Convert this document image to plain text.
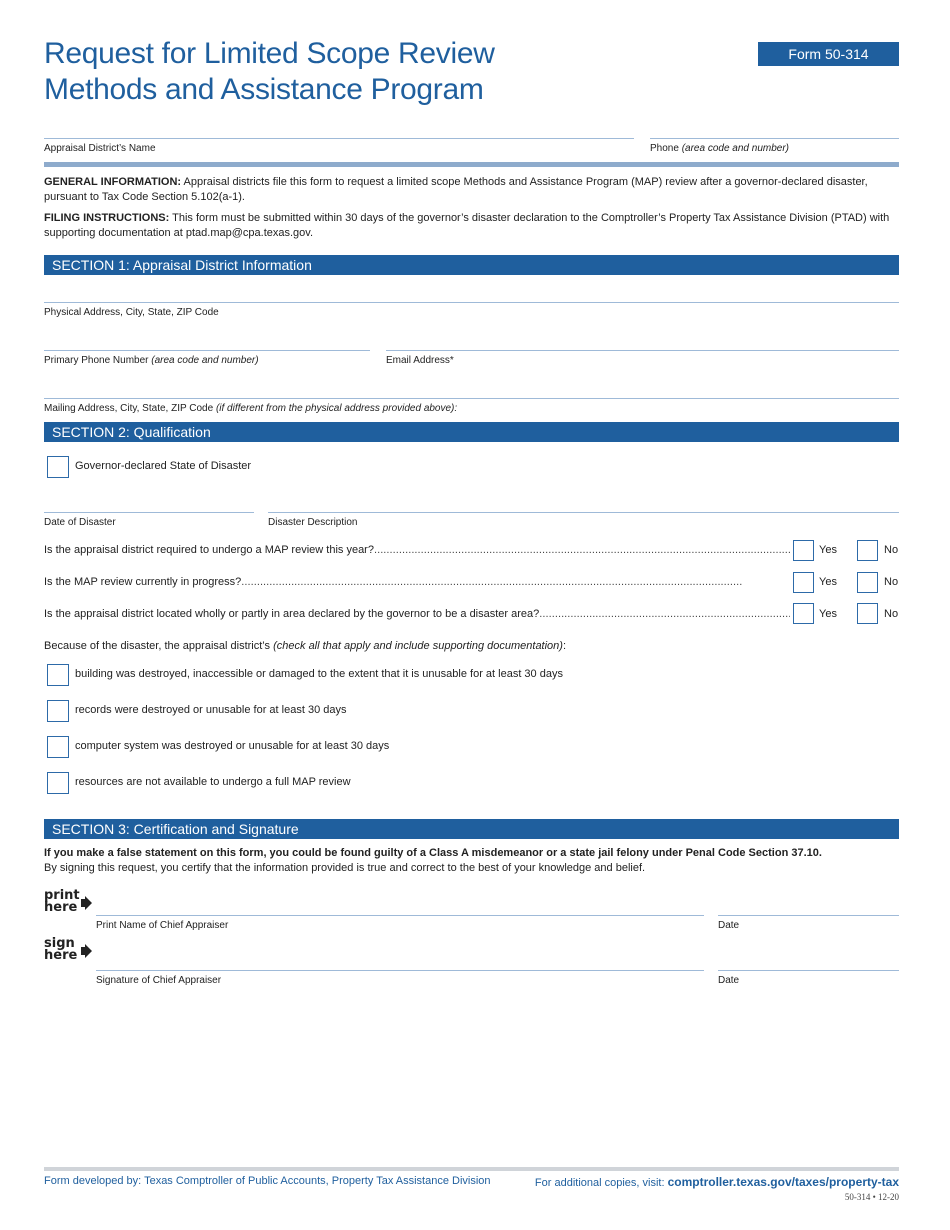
Request for Limited Scope Review
Methods and Assistance Program
Form 50-314
Appraisal District’s Name	Phone (area code and number)
GENERAL INFORMATION: Appraisal districts file this form to request a limited scope Methods and Assistance Program (MAP) review after a governor-declared disaster, pursuant to Tax Code Section 5.102(a-1).
FILING INSTRUCTIONS: This form must be submitted within 30 days of the governor’s disaster declaration to the Comptroller’s Property Tax Assistance Division (PTAD) with supporting documentation at ptad.map@cpa.texas.gov.
SECTION 1: Appraisal District Information
Physical Address, City, State, ZIP Code
Primary Phone Number (area code and number)	Email Address*
Mailing Address, City, State, ZIP Code (if different from the physical address provided above):
SECTION 2: Qualification
Governor-declared State of Disaster
Date of Disaster	Disaster Description
Is the appraisal district required to undergo a MAP review this year? . . .	Yes	No
Is the MAP review currently in progress? . . .	Yes	No
Is the appraisal district located wholly or partly in area declared by the governor to be a disaster area? . . .	Yes	No
Because of the disaster, the appraisal district’s (check all that apply and include supporting documentation):
building was destroyed, inaccessible or damaged to the extent that it is unusable for at least 30 days
records were destroyed or unusable for at least 30 days
computer system was destroyed or unusable for at least 30 days
resources are not available to undergo a full MAP review
SECTION 3: Certification and Signature
If you make a false statement on this form, you could be found guilty of a Class A misdemeanor or a state jail felony under Penal Code Section 37.10.
By signing this request, you certify that the information provided is true and correct to the best of your knowledge and belief.
print
here
Print Name of Chief Appraiser	Date
sign
here
Signature of Chief Appraiser	Date
Form developed by: Texas Comptroller of Public Accounts, Property Tax Assistance Division	For additional copies, visit: comptroller.texas.gov/taxes/property-tax
50-314 • 12-20
